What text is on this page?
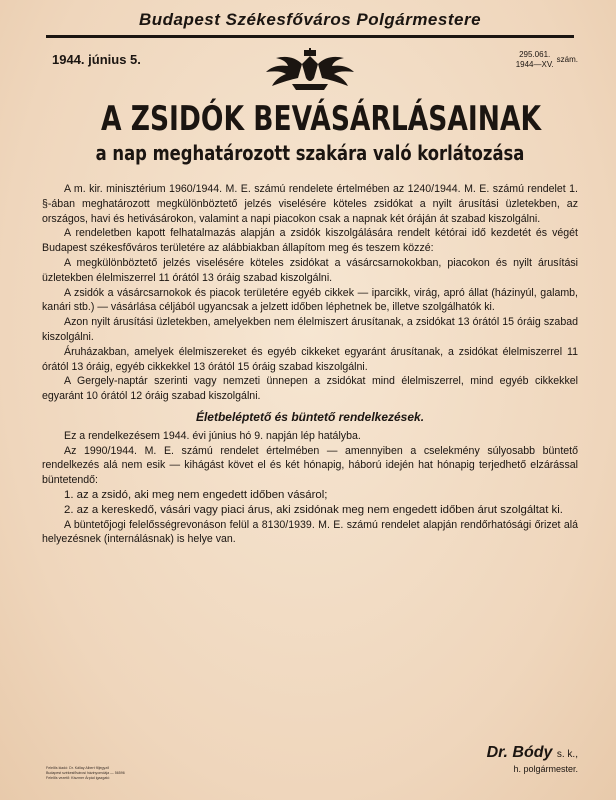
Budapest Székesfőváros Polgármestere
1944. június 5.	295.061.
1944—XV.szám.
A ZSIDÓK BEVÁSÁRLÁSAINAK
a nap meghatározott szakára való korlátozása

A m. kir. minisztérium 1960/1944. M. E. számú rendelete értelmében az 1240/1944. M. E. számú rendelet 1. §-ában meghatározott megkülönböztető jelzés viselésére köteles zsidókat a nyilt árusítási üzletekben, az országos, havi és hetivásárokon, valamint a napi piacokon csak a napnak két óráján át szabad kiszolgálni.

A rendeletben kapott felhatalmazás alapján a zsidók kiszolgálására rendelt kétórai idő kezdetét és végét Budapest székesfőváros területére az alábbiakban állapítom meg és teszem közzé:

A megkülönböztető jelzés viselésére köteles zsidókat a vásárcsarnokokban, piacokon és nyilt árusítási üzletekben élelmiszerrel 11 órától 13 óráig szabad kiszolgálni.

A zsidók a vásárcsarnokok és piacok területére egyéb cikkek — iparcikk, virág, apró állat (házinyúl, galamb, kanári stb.) — vásárlása céljából ugyancsak a jelzett időben léphetnek be, illetve szolgálhatók ki.

Azon nyilt árusítási üzletekben, amelyekben nem élelmiszert árusítanak, a zsidókat 13 órától 15 óráig szabad kiszolgálni.

Áruházakban, amelyek élelmiszereket és egyéb cikkeket egyaránt árusítanak, a zsidókat élelmiszerrel 11 órától 13 óráig, egyéb cikkekkel 13 órától 15 óráig szabad kiszolgálni.

A Gergely-naptár szerinti vagy nemzeti ünnepen a zsidókat mind élelmiszerrel, mind egyéb cikkekkel egyaránt 10 órától 12 óráig szabad kiszolgálni.

Életbeléptető és büntető rendelkezések.

Ez a rendelkezésem 1944. évi június hó 9. napján lép hatályba.

Az 1990/1944. M. E. számú rendelet értelmében — amennyiben a cselekmény súlyosabb büntető rendelkezés alá nem esik — kihágást követ el és két hónapig, háború idején hat hónapig terjedhető elzárással büntetendő:

1. az a zsidó, aki meg nem engedett időben vásárol;

2. az a kereskedő, vásári vagy piaci árus, aki zsidónak meg nem engedett időben árut szolgáltat ki.

A büntetőjogi felelősségrevonáson felül a 8130/1939. M. E. számú rendelet alapján rendőrhatósági őrizet alá helyezésnek (internálásnak) is helye van.

Felelős kiadó: Dr. Kállay Albert főjegyző
Budapest székesfővárosi házinyomdája — 56596
Felelős vezető: Kiszmer Árpád igazgató
Dr. Bódy s. k.,
h. polgármester.
